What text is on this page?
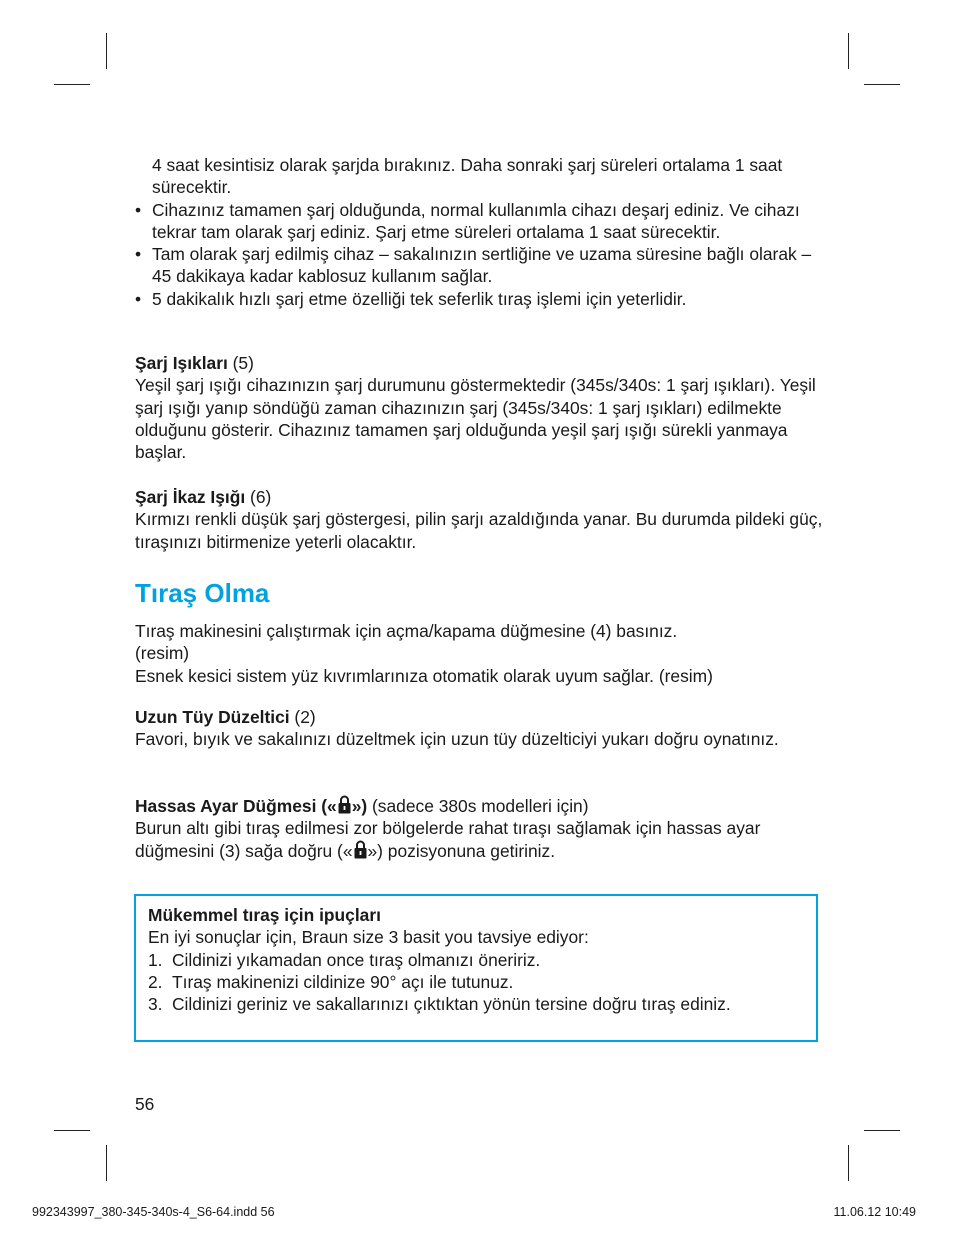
4 saat kesintisiz olarak şarjda bırakınız. Daha sonraki şarj süreleri ortalama 1 saat sürecektir.
• Cihazınız tamamen şarj olduğunda, normal kullanımla cihazı deşarj ediniz. Ve cihazı tekrar tam olarak şarj ediniz. Şarj etme süreleri ortalama 1 saat sürecektir.
• Tam olarak şarj edilmiş cihaz – sakalınızın sertliğine ve uzama süresine bağlı olarak – 45 dakikaya kadar kablosuz kullanım sağlar.
• 5 dakikalık hızlı şarj etme özelliği tek seferlik tıraş işlemi için yeterlidir.
Şarj Işıkları (5)
Yeşil şarj ışığı cihazınızın şarj durumunu göstermektedir (345s/340s: 1 şarj ışıkları). Yeşil şarj ışığı yanıp söndüğü zaman cihazınızın şarj (345s/340s: 1 şarj ışıkları) edilmekte olduğunu gösterir. Cihazınız tamamen şarj olduğunda yeşil şarj ışığı sürekli yanmaya başlar.
Şarj İkaz Işığı (6)
Kırmızı renkli düşük şarj göstergesi, pilin şarjı azaldığında yanar. Bu durumda pildeki güç, tıraşınızı bitirmenize yeterli olacaktır.
Tıraş Olma
Tıraş makinesini çalıştırmak için açma/kapama düğmesine (4) basınız.
(resim)
Esnek kesici sistem yüz kıvrımlarınıza otomatik olarak uyum sağlar. (resim)
Uzun Tüy Düzeltici (2)
Favori, bıyık ve sakalınızı düzeltmek için uzun tüy düzelticiyi yukarı doğru oynatınız.
Hassas Ayar Düğmesi (« ») (sadece 380s modelleri için)
Burun altı gibi tıraş edilmesi zor bölgelerde rahat tıraşı sağlamak için hassas ayar düğmesini (3) sağa doğru (« ») pozisyonuna getiriniz.
Mükemmel tıraş için ipuçları
En iyi sonuçlar için, Braun size 3 basit you tavsiye ediyor:
1. Cildinizi yıkamadan once tıraş olmanızı öneririz.
2. Tıraş makinenizi cildinize 90° açı ile tutunuz.
3. Cildinizi geriniz ve sakallarınızı çıktıktan yönün tersine doğru tıraş ediniz.
56
992343997_380-345-340s-4_S6-64.indd 56	11.06.12 10:49
